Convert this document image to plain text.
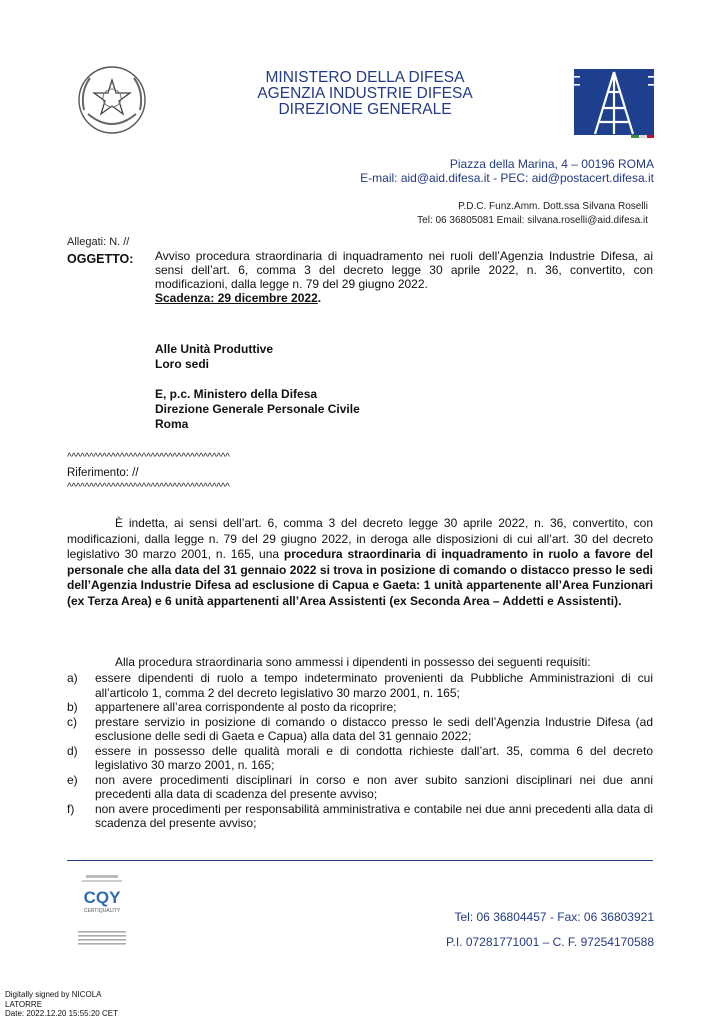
MINISTERO DELLA DIFESA
AGENZIA INDUSTRIE DIFESA
DIREZIONE GENERALE
Piazza della Marina, 4 – 00196 ROMA
E-mail: aid@aid.difesa.it - PEC: aid@postacert.difesa.it
P.D.C. Funz.Amm. Dott.ssa Silvana Roselli
Tel: 06 36805081 Email: silvana.roselli@aid.difesa.it
Allegati: N. //
OGGETTO: Avviso procedura straordinaria di inquadramento nei ruoli dell’Agenzia Industrie Difesa, ai sensi dell’art. 6, comma 3 del decreto legge 30 aprile 2022, n. 36, convertito, con modificazioni, dalla legge n. 79 del 29 giugno 2022.
Scadenza: 29 dicembre 2022.
Alle Unità Produttive
Loro sedi
E, p.c. Ministero della Difesa
Direzione Generale Personale Civile
Roma
^^^^^^^^^^^^^^^^^^^^^^^^^^^^^^^^^^^^^
Riferimento: //
^^^^^^^^^^^^^^^^^^^^^^^^^^^^^^^^^^^^^
È indetta, ai sensi dell’art. 6, comma 3 del decreto legge 30 aprile 2022, n. 36, convertito, con modificazioni, dalla legge n. 79 del 29 giugno 2022, in deroga alle disposizioni di cui all’art. 30 del decreto legislativo 30 marzo 2001, n. 165, una procedura straordinaria di inquadramento in ruolo a favore del personale che alla data del 31 gennaio 2022 si trova in posizione di comando o distacco presso le sedi dell’Agenzia Industrie Difesa ad esclusione di Capua e Gaeta: 1 unità appartenente all’Area Funzionari (ex Terza Area) e 6 unità appartenenti all’Area Assistenti (ex Seconda Area – Addetti e Assistenti).
Alla procedura straordinaria sono ammessi i dipendenti in possesso dei seguenti requisiti:
a) essere dipendenti di ruolo a tempo indeterminato provenienti da Pubbliche Amministrazioni di cui all’articolo 1, comma 2 del decreto legislativo 30 marzo 2001, n. 165;
b) appartenere all’area corrispondente al posto da ricoprire;
c) prestare servizio in posizione di comando o distacco presso le sedi dell’Agenzia Industrie Difesa (ad esclusione delle sedi di Gaeta e Capua) alla data del 31 gennaio 2022;
d) essere in possesso delle qualità morali e di condotta richieste dall’art. 35, comma 6 del decreto legislativo 30 marzo 2001, n. 165;
e) non avere procedimenti disciplinari in corso e non aver subito sanzioni disciplinari nei due anni precedenti alla data di scadenza del presente avviso;
f) non avere procedimenti per responsabilità amministrativa e contabile nei due anni precedenti alla data di scadenza del presente avviso;
CQY
CERTIQUALITY	Tel: 06 36804457 - Fax: 06 36803921
P.I. 07281771001 – C. F. 97254170588
Digitally signed by NICOLA
LATORRE
Date: 2022.12.20 15:55:20 CET
